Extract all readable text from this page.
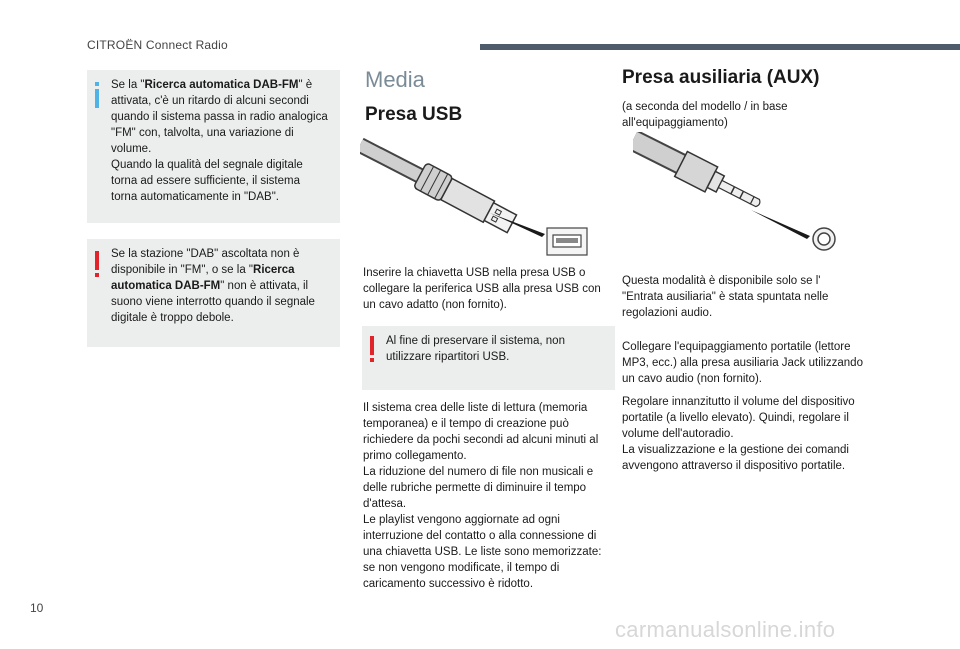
CITROËN Connect Radio

Se la "Ricerca automatica DAB-FM" è
attivata, c'è un ritardo di alcuni secondi
quando il sistema passa in radio analogica
"FM" con, talvolta, una variazione di
volume.
Quando la qualità del segnale digitale
torna ad essere sufficiente, il sistema
torna automaticamente in "DAB".

Se la stazione "DAB" ascoltata non è
disponibile in "FM", o se la "Ricerca
automatica DAB-FM" non è attivata, il
suono viene interrotto quando il segnale
digitale è troppo debole.

Media
Presa USB
Inserire la chiavetta USB nella presa USB o
collegare la periferica USB alla presa USB con
un cavo adatto (non fornito).

Al fine di preservare il sistema, non
utilizzare ripartitori USB.

Il sistema crea delle liste di lettura (memoria
temporanea) e il tempo di creazione può
richiedere da pochi secondi ad alcuni minuti al
primo collegamento.
La riduzione del numero di file non musicali e
delle rubriche permette di diminuire il tempo
d'attesa.
Le playlist vengono aggiornate ad ogni
interruzione del contatto o alla connessione di
una chiavetta USB. Le liste sono memorizzate:
se non vengono modificate, il tempo di
caricamento successivo è ridotto.
Presa ausiliaria (AUX)
(a seconda del modello / in base
all'equipaggiamento)
Questa modalità è disponibile solo se l'
"Entrata ausiliaria" è stata spuntata nelle
regolazioni audio.
Collegare l'equipaggiamento portatile (lettore
MP3, ecc.) alla presa ausiliaria Jack utilizzando
un cavo audio (non fornito).
Regolare innanzitutto il volume del dispositivo
portatile (a livello elevato). Quindi, regolare il
volume dell'autoradio.
La visualizzazione e la gestione dei comandi
avvengono attraverso il dispositivo portatile.
10
carmanualsonline.info
